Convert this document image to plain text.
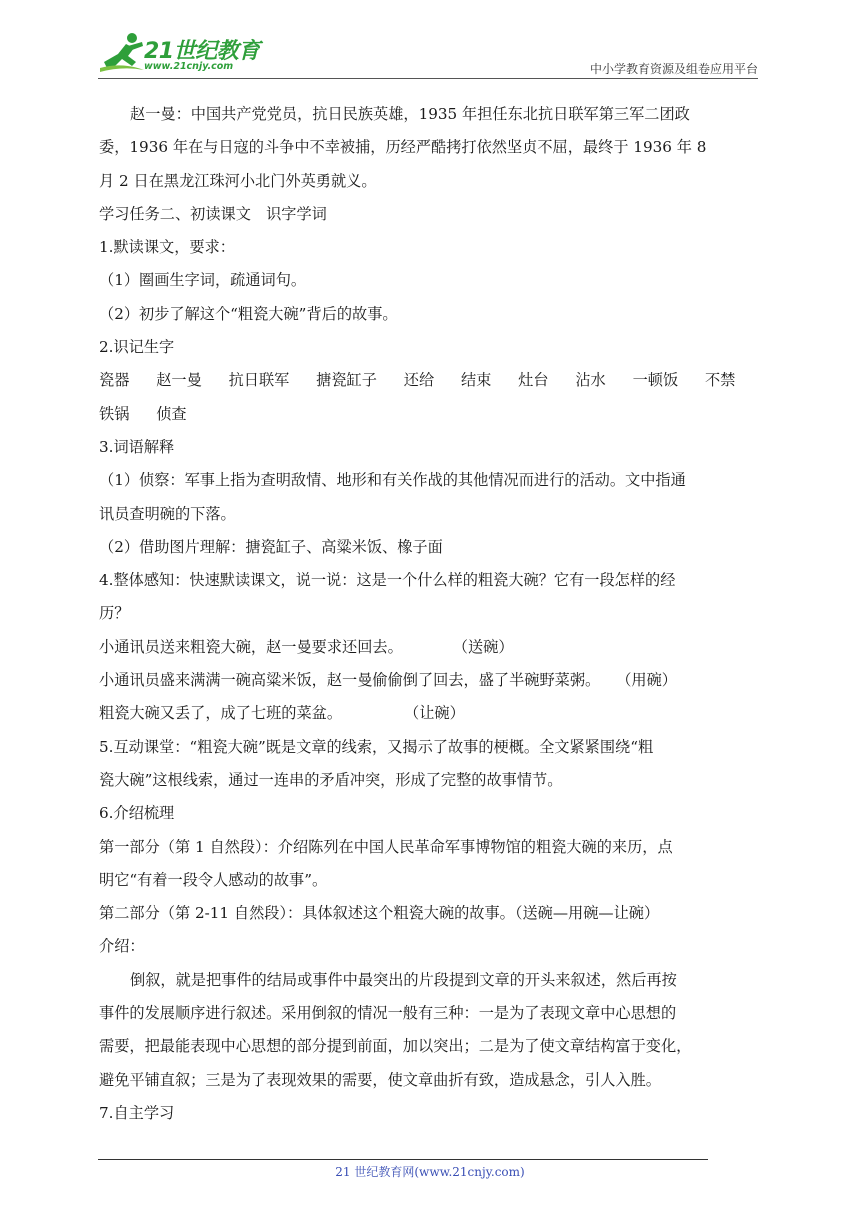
21世纪教育
www.21cnjy.com	中小学教育资源及组卷应用平台
赵一曼：中国共产党党员，抗日民族英雄，1935 年担任东北抗日联军第三军二团政
委，1936 年在与日寇的斗争中不幸被捕，历经严酷拷打依然坚贞不屈，最终于 1936 年 8
月 2 日在黑龙江珠河小北门外英勇就义。
学习任务二、初读课文　识字学词
1.默读课文，要求：
（1）圈画生字词，疏通词句。
（2）初步了解这个“粗瓷大碗”背后的故事。
2.识记生字
瓷器 赵一曼 抗日联军 搪瓷缸子 还给 结束 灶台 沾水 一顿饭 不禁
铁锅 侦查
3.词语解释
（1）侦察：军事上指为查明敌情、地形和有关作战的其他情况而进行的活动。文中指通
讯员查明碗的下落。
（2）借助图片理解：搪瓷缸子、高粱米饭、橡子面
4.整体感知：快速默读课文，说一说：这是一个什么样的粗瓷大碗？它有一段怎样的经
历？
小通讯员送来粗瓷大碗，赵一曼要求还回去。	（送碗）
小通讯员盛来满满一碗高粱米饭，赵一曼偷偷倒了回去，盛了半碗野菜粥。 （用碗）
粗瓷大碗又丢了，成了七班的菜盆。	（让碗）
5.互动课堂：“粗瓷大碗”既是文章的线索，又揭示了故事的梗概。全文紧紧围绕“粗
瓷大碗”这根线索，通过一连串的矛盾冲突，形成了完整的故事情节。
6.介绍梳理
第一部分（第 1 自然段）：介绍陈列在中国人民革命军事博物馆的粗瓷大碗的来历，点
明它“有着一段令人感动的故事”。
第二部分（第 2-11 自然段）：具体叙述这个粗瓷大碗的故事。（送碗—用碗—让碗）
介绍：
倒叙，就是把事件的结局或事件中最突出的片段提到文章的开头来叙述，然后再按
事件的发展顺序进行叙述。采用倒叙的情况一般有三种：一是为了表现文章中心思想的
需要，把最能表现中心思想的部分提到前面，加以突出；二是为了使文章结构富于变化，
避免平铺直叙；三是为了表现效果的需要，使文章曲折有致，造成悬念，引人入胜。
7.自主学习
21 世纪教育网(www.21cnjy.com)
